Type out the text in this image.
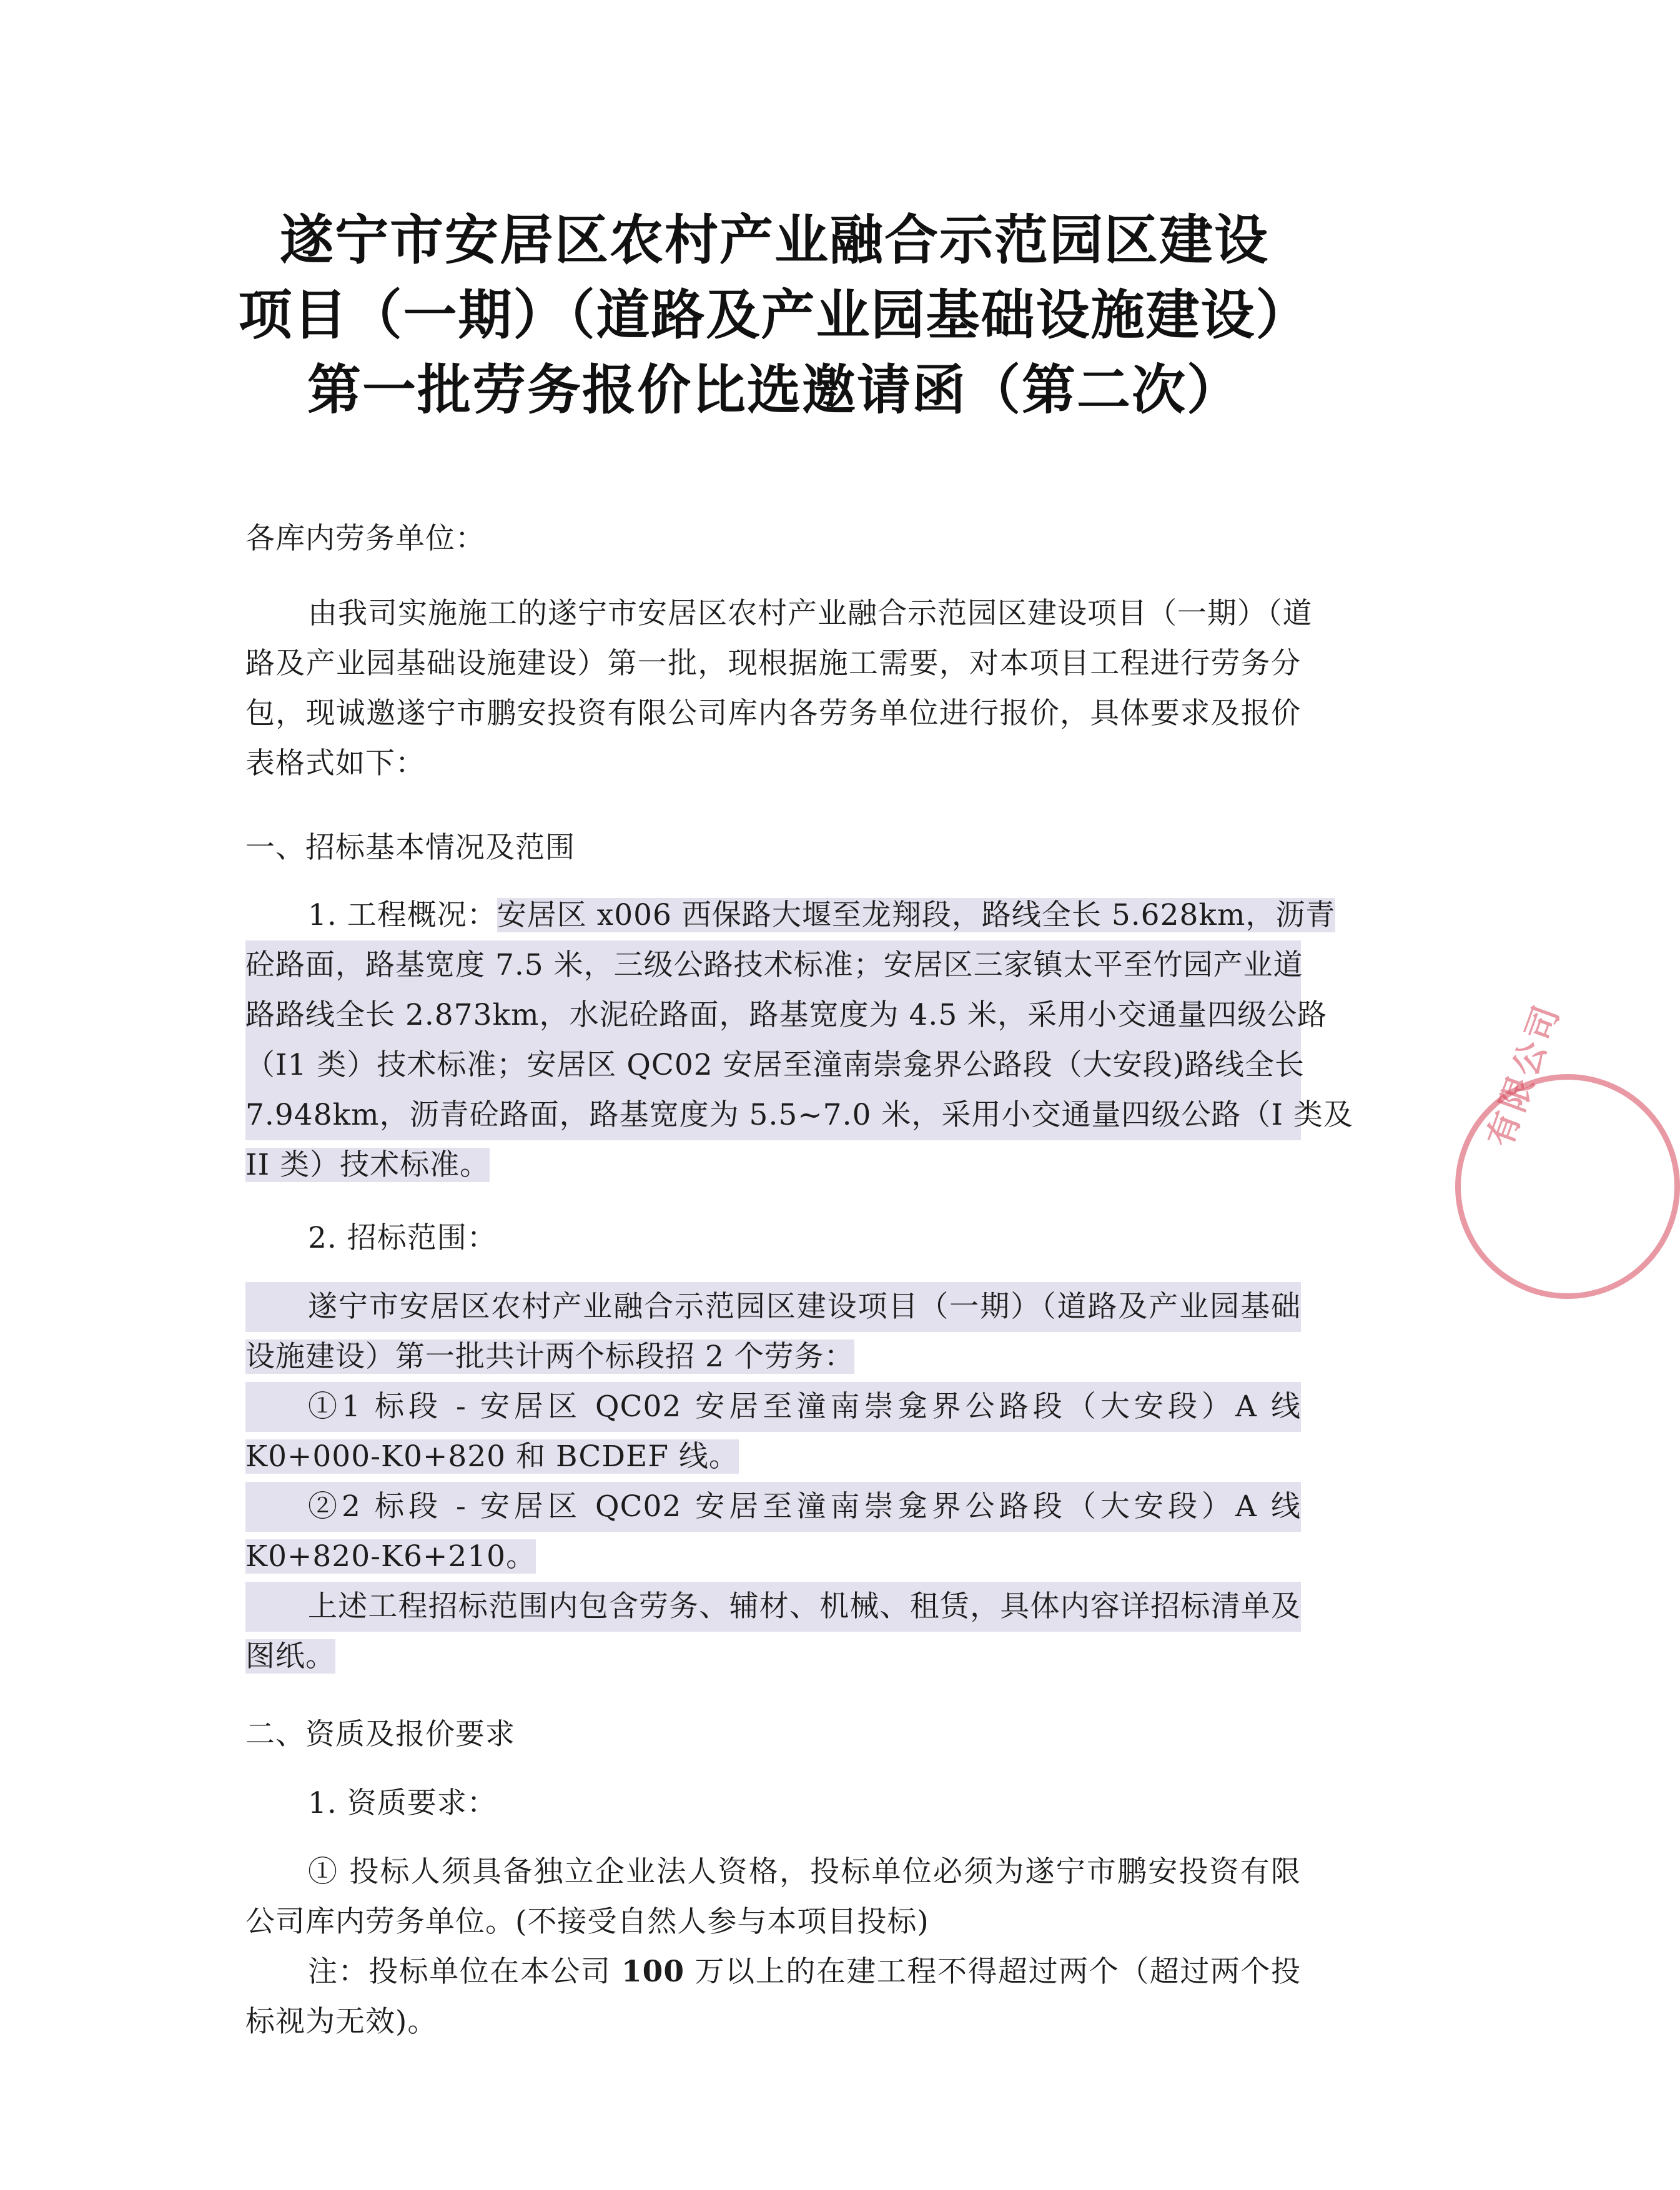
遂宁市安居区农村产业融合示范园区建设
项目（一期）（道路及产业园基础设施建设）
第一批劳务报价比选邀请函（第二次）
各库内劳务单位：
由我司实施施工的遂宁市安居区农村产业融合示范园区建设项目（一期）（道
路及产业园基础设施建设）第一批，现根据施工需要，对本项目工程进行劳务分
包，现诚邀遂宁市鹏安投资有限公司库内各劳务单位进行报价，具体要求及报价
表格式如下：
一、招标基本情况及范围
1. 工程概况：安居区 x006 西保路大堰至龙翔段，路线全长 5.628km，沥青
砼路面，路基宽度 7.5 米，三级公路技术标准；安居区三家镇太平至竹园产业道
路路线全长 2.873km，水泥砼路面，路基宽度为 4.5 米，采用小交通量四级公路
（I1 类）技术标准；安居区 QC02 安居至潼南崇龛界公路段（大安段)路线全长
7.948km，沥青砼路面，路基宽度为 5.5~7.0 米，采用小交通量四级公路（I 类及
II 类）技术标准。
2. 招标范围：
遂宁市安居区农村产业融合示范园区建设项目（一期）（道路及产业园基础
设施建设）第一批共计两个标段招 2 个劳务：
①1 标段 - 安居区 QC02 安居至潼南崇龛界公路段（大安段）A 线
K0+000-K0+820 和 BCDEF 线。
②2 标段 - 安居区 QC02 安居至潼南崇龛界公路段（大安段）A 线
K0+820-K6+210。
上述工程招标范围内包含劳务、辅材、机械、租赁，具体内容详招标清单及
图纸。
二、资质及报价要求
1. 资质要求：
① 投标人须具备独立企业法人资格，投标单位必须为遂宁市鹏安投资有限
公司库内劳务单位。(不接受自然人参与本项目投标)
注：投标单位在本公司 100 万以上的在建工程不得超过两个（超过两个投
标视为无效)。
有限公司
